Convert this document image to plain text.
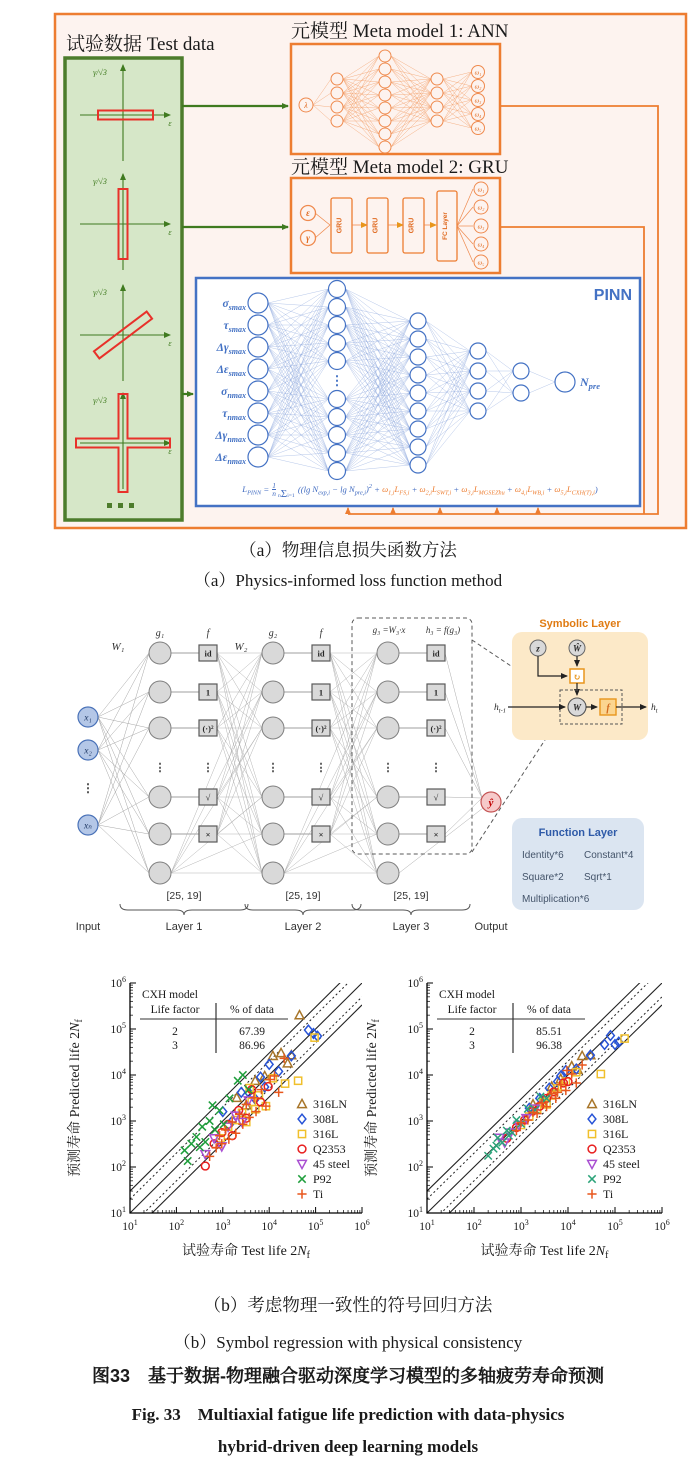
试验数据 Test data
元模型 Meta model 1: ANN
元模型 Meta model 2: GRU
γ/√3
ε
γ/√3
ε
γ/√3
ε
γ/√3
ε
λ
ω₁
ω₂
ω₃
ω₄
ω₅
ε
γ
GRU	GRU	GRU	FC Layer
ω₁
ω₂
ω₃
ω₄
ω₅
PINN
⋮
$\sigma_{smax}$
$\tau_{smax}$
$\Delta\gamma_{smax}$
$\Delta\varepsilon_{smax}$
$\sigma_{nmax}$
$\tau_{nmax}$
$\Delta\gamma_{nmax}$
$\Delta\varepsilon_{nmax}$
$N_{pre}$
x₁
x₂
xₙ
⋮
⋮
id
1
(·)²
√
×
⋮	⋮
id
1
(·)²
√
×
⋮	⋮
id
1
(·)²
√
×
⋮
W₁	W₂
g₁	g₂
f	f	g₃ =W₃·x h₃ = f(g₃)
ŷ
[25, 19]	[25, 19]	[25, 19]
Input	Layer 1	Layer 2	Layer 3	Output
Symbolic Layer
z	Ŵ
↻
W	f
$h_{t-1}$	$h_t$
Function Layer
Identity*6 Constant*4
Square*2 Sqrt*1
Multiplication*6
$10^1$
$10^1$
$10^2$
$10^2$
$10^3$
$10^3$
$10^4$
$10^4$
$10^5$
$10^5$
$10^6$
$10^6$
试验寿命 Test life $2N_f$
预测寿命 Predicted life $2N_f$
CXH model
Life factor	% of data
2	67.39
3	86.96
316LN
308L
316L
Q2353
45 steel
P92
Ti
$10^1$
$10^1$
$10^2$
$10^2$
$10^3$
$10^3$
$10^4$
$10^4$
$10^5$
$10^5$
$10^6$
$10^6$
试验寿命 Test life $2N_f$
预测寿命 Predicted life $2N_f$
CXH model
Life factor	% of data
2	85.51
3	96.38
316LN
308L
316L
Q2353
45 steel
P92
Ti
$L_{PINN} = \frac{1}{n} n\Sigma i=1$ ((lg $N_{exp,i} - \lg N_{pre,i})^2 + \omega_{1,i}L_{FS,i} + \omega_{2,i}L_{SWT,i} + \omega_{3,i}L_{MGSEZhu} + \omega_{4,i}L_{WB,i} + \omega_{5,i}L_{CXH(T),i}$)
（a）物理信息损失函数方法
（a）Physics-informed loss function method
（b）考虑物理一致性的符号回归方法
（b）Symbol regression with physical consistency
图33　基于数据-物理融合驱动深度学习模型的多轴疲劳寿命预测
Fig. 33　Multiaxial fatigue life prediction with data-physics
hybrid-driven deep learning models
